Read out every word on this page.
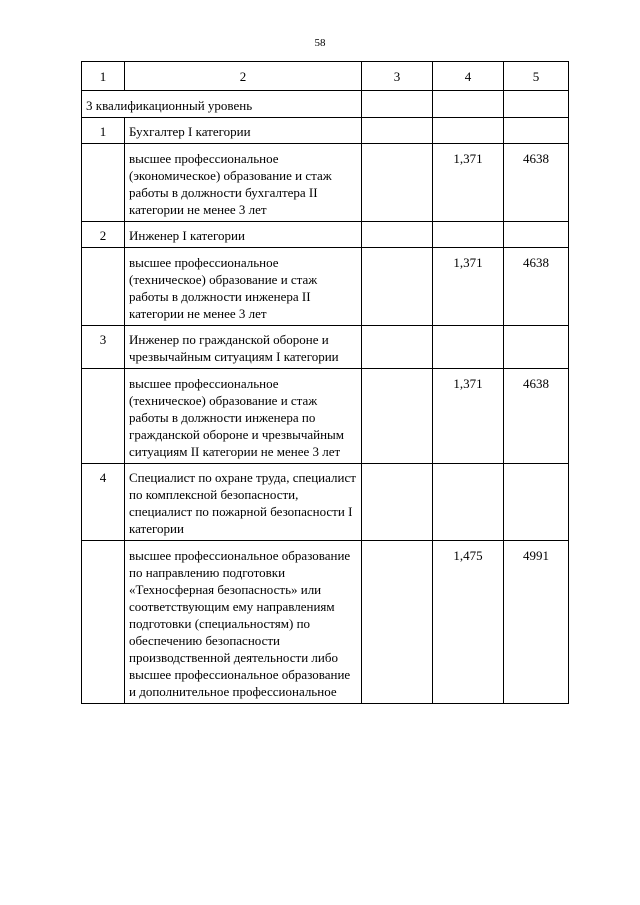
58
1	2	3	4	5
3 квалификационный уровень				
1	Бухгалтер I категории			
	высшее профессиональное (экономическое) образование и стаж работы в должности бухгалтера II категории не менее 3 лет		1,371	4638
2	Инженер I категории			
	высшее профессиональное (техническое) образование и стаж работы в должности инженера II категории не менее 3 лет		1,371	4638
3	Инженер по гражданской обороне и чрезвычайным ситуациям I категории			
	высшее профессиональное (техническое) образование и стаж работы в должности инженера по гражданской обороне и чрезвычайным ситуациям II категории не менее 3 лет		1,371	4638
4	Специалист по охране труда, специалист по комплексной безопасности, специалист по пожарной безопасности I категории			
	высшее профессиональное образование по направлению подготовки «Техносферная безопасность» или соответствующим ему направлениям подготовки (специальностям) по обеспечению безопасности производственной деятельности либо высшее профессиональное образование и дополнительное профессиональное		1,475	4991
